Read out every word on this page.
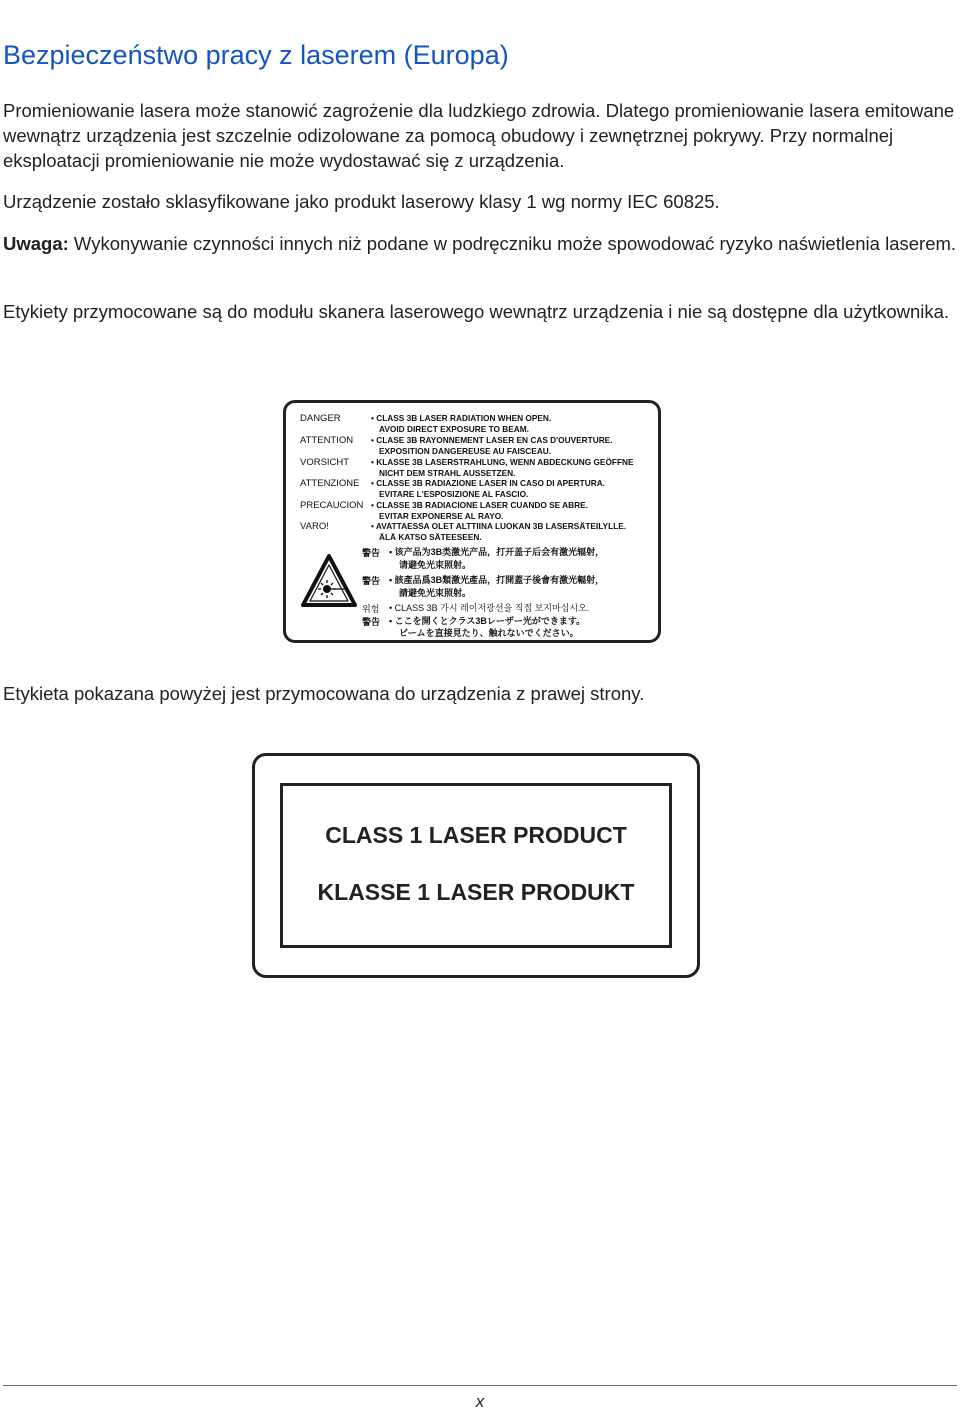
Bezpieczeństwo pracy z laserem (Europa)

Promieniowanie lasera może stanowić zagrożenie dla ludzkiego zdrowia. Dlatego promieniowanie lasera emitowane wewnątrz urządzenia jest szczelnie odizolowane za pomocą obudowy i zewnętrznej pokrywy. Przy normalnej eksploatacji promieniowanie nie może wydostawać się z urządzenia.

Urządzenie zostało sklasyfikowane jako produkt laserowy klasy 1 wg normy IEC 60825.

Uwaga: Wykonywanie czynności innych niż podane w podręczniku może spowodować ryzyko naświetlenia laserem.

Etykiety przymocowane są do modułu skanera laserowego wewnątrz urządzenia i nie są dostępne dla użytkownika.

DANGER	• CLASS 3B LASER RADIATION WHEN OPEN.
AVOID DIRECT EXPOSURE TO BEAM.
ATTENTION • CLASE 3B RAYONNEMENT LASER EN CAS D'OUVERTURE.
EXPOSITION DANGEREUSE AU FAISCEAU.
VORSICHT	• KLASSE 3B LASERSTRAHLUNG, WENN ABDECKUNG GEÖFFNE
NICHT DEM STRAHL AUSSETZEN.
ATTENZIONE • CLASSE 3B RADIAZIONE LASER IN CASO DI APERTURA.
EVITARE L'ESPOSIZIONE AL FASCIO.
PRECAUCION • CLASSE 3B RADIACIONE LASER CUANDO SE ABRE.
EVITAR EXPONERSE AL RAYO.
VARO!	• AVATTAESSA OLET ALTTIINA LUOKAN 3B LASERSÄTEILYLLE.
ÄLÄ KATSO SÄTEESEEN.
警告 • 该产品为3B类激光产品，打开盖子后会有激光辐射，
请避免光束照射。
警告 • 該產品爲3B類激光產品，打開蓋子後會有激光輻射，
請避免光束照射。
위험 • CLASS 3B 가시 레이저광선을 직접 보지마십시오.
警告 • ここを開くとクラス3Bレーザー光ができます。
ビームを直接見たり、触れないでください。

Etykieta pokazana powyżej jest przymocowana do urządzenia z prawej strony.

CLASS 1 LASER PRODUCT
KLASSE 1 LASER PRODUKT
x
